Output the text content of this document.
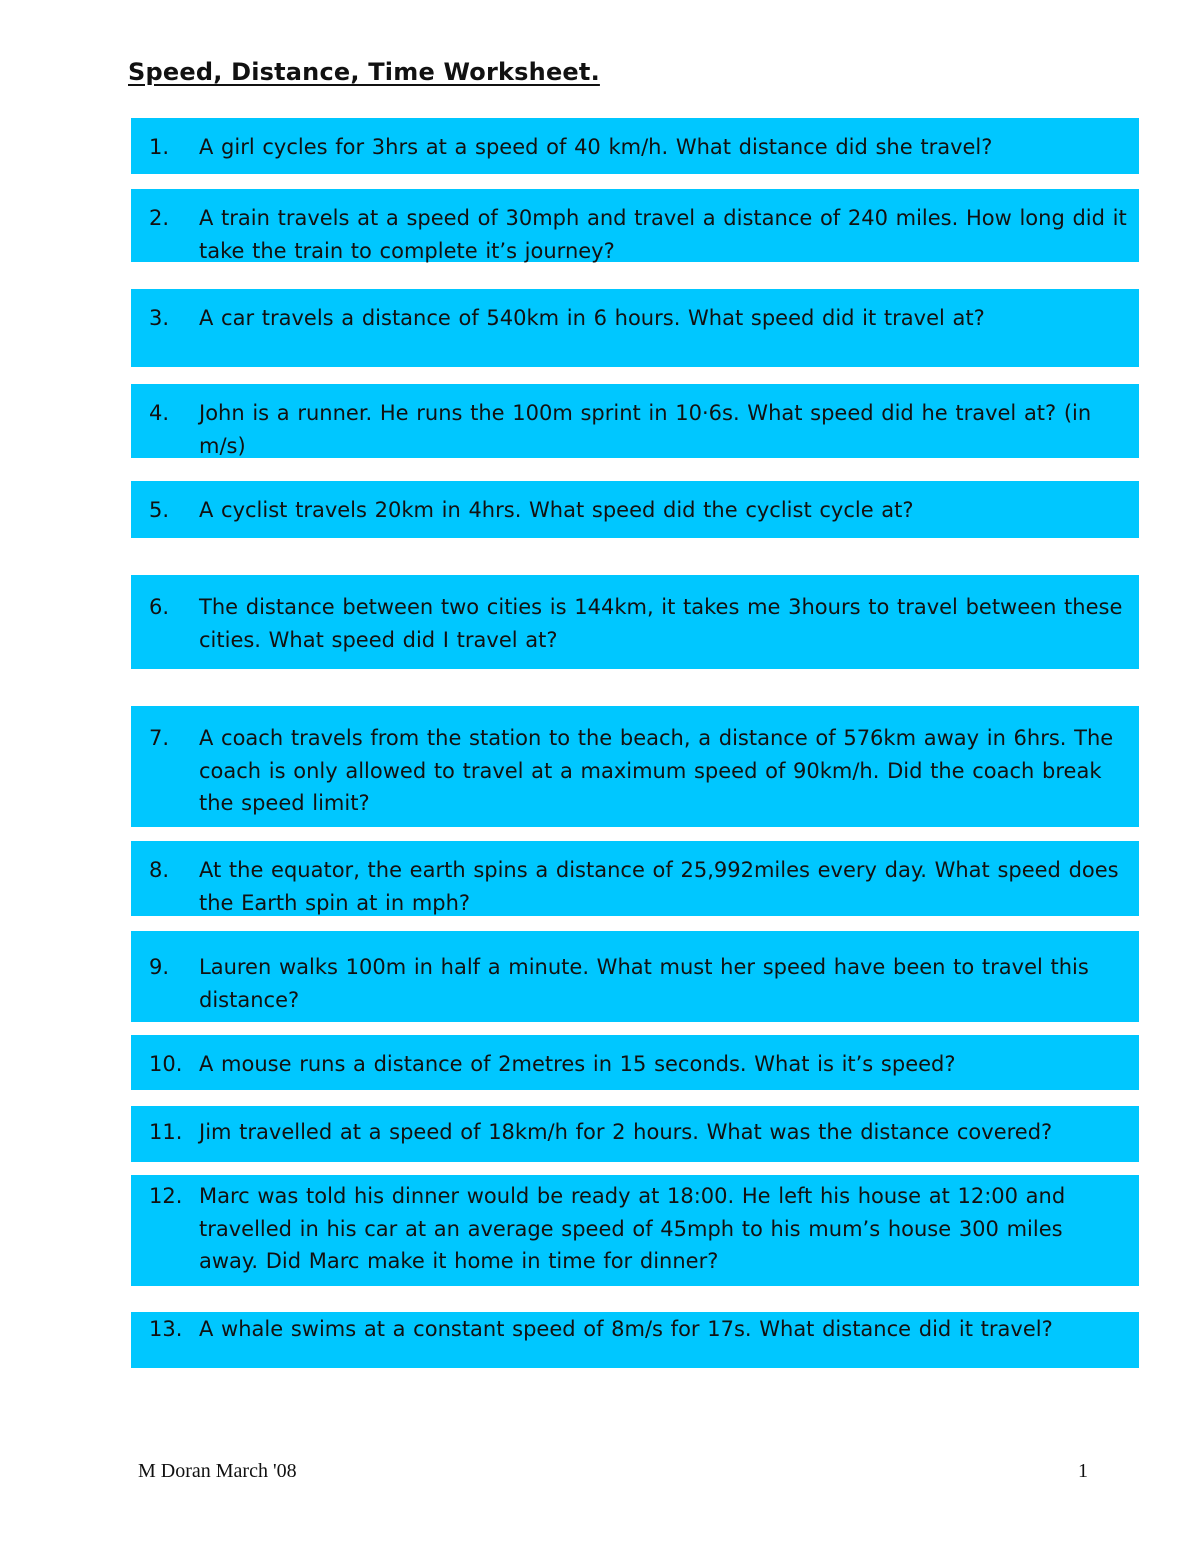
Speed, Distance, Time Worksheet.
1.	A girl cycles for 3hrs at a speed of 40 km/h. What distance did she travel?
2.	A train travels at a speed of 30mph and travel a distance of 240 miles. How long did it take the train to complete it’s journey?
3.	A car travels a distance of 540km in 6 hours. What speed did it travel at?
4.	John is a runner. He runs the 100m sprint in 10·6s. What speed did he travel at? (in m/s)
5.	A cyclist travels 20km in 4hrs. What speed did the cyclist cycle at?
6.	The distance between two cities is 144km, it takes me 3hours to travel between these cities. What speed did I travel at?
7.	A coach travels from the station to the beach, a distance of 576km away in 6hrs. The coach is only allowed to travel at a maximum speed of 90km/h. Did the coach break the speed limit?
8.	At the equator, the earth spins a distance of 25,992miles every day. What speed does the Earth spin at in mph?
9.	Lauren walks 100m in half a minute. What must her speed have been to travel this distance?
10. A mouse runs a distance of 2metres in 15 seconds. What is it’s speed?
11. Jim travelled at a speed of 18km/h for 2 hours. What was the distance covered?
12. Marc was told his dinner would be ready at 18:00. He left his house at 12:00 and travelled in his car at an average speed of 45mph to his mum’s house 300 miles away. Did Marc make it home in time for dinner?
13. A whale swims at a constant speed of 8m/s for 17s. What distance did it travel?
M Doran March '08	1
